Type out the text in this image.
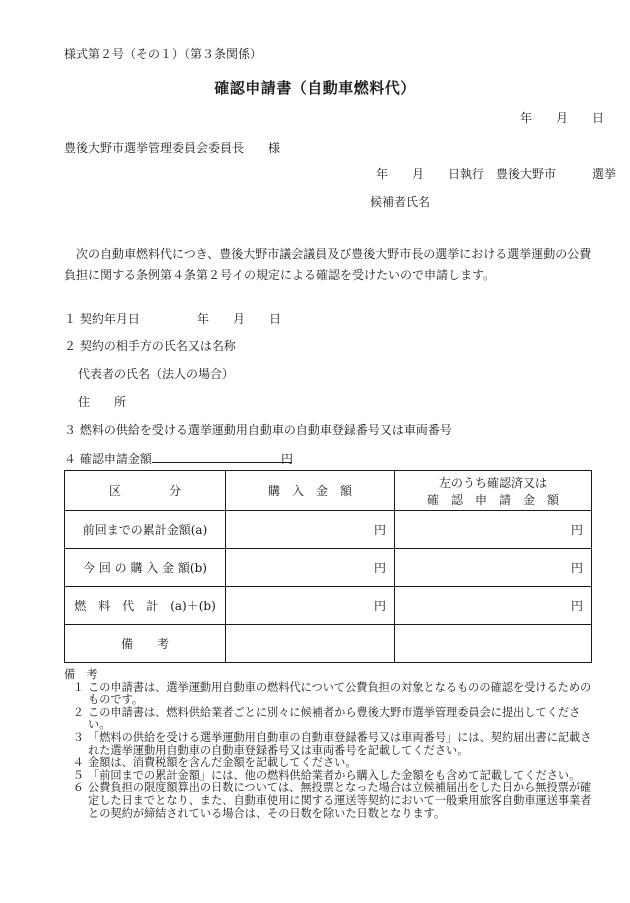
様式第２号（その１）（第３条関係）
確認申請書（自動車燃料代）
年　　月　　日
豊後大野市選挙管理委員会委員長　　様
年　　月　　日執行　豊後大野市　　　選挙
候補者氏名
次の自動車燃料代につき、豊後大野市議会議員及び豊後大野市長の選挙における選挙運動の公費
負担に関する条例第４条第２号イの規定による確認を受けたいので申請します。
１ 契約年月日	年　　月　　日
２ 契約の相手方の氏名又は名称
代表者の氏名（法人の場合）
住　　所
３ 燃料の供給を受ける選挙運動用自動車の自動車登録番号又は車両番号
４ 確認申請金額	円
区　　　　分	購　入　金　額	左のうち確認済又は
確　認　申　請　金　額

前回までの累計金額(a)	円	円
今 回 の 購 入 金 額(b)	円	円
燃　料　代　計　(a)＋(b)	円	円
備　　考		
備　考
１ この申請書は、選挙運動用自動車の燃料代について公費負担の対象となるものの確認を受けるためのものです。
２ この申請書は、燃料供給業者ごとに別々に候補者から豊後大野市選挙管理委員会に提出してください。
３ 「燃料の供給を受ける選挙運動用自動車の自動車登録番号又は車両番号」には、契約届出書に記載された選挙運動用自動車の自動車登録番号又は車両番号を記載してください。
４ 金額は、消費税額を含んだ金額を記載してください。
５ 「前回までの累計金額」には、他の燃料供給業者から購入した金額をも含めて記載してください。
６ 公費負担の限度額算出の日数については、無投票となった場合は立候補届出をした日から無投票が確定した日までとなり、また、自動車使用に関する運送等契約において一般乗用旅客自動車運送事業者との契約が締結されている場合は、その日数を除いた日数となります。
